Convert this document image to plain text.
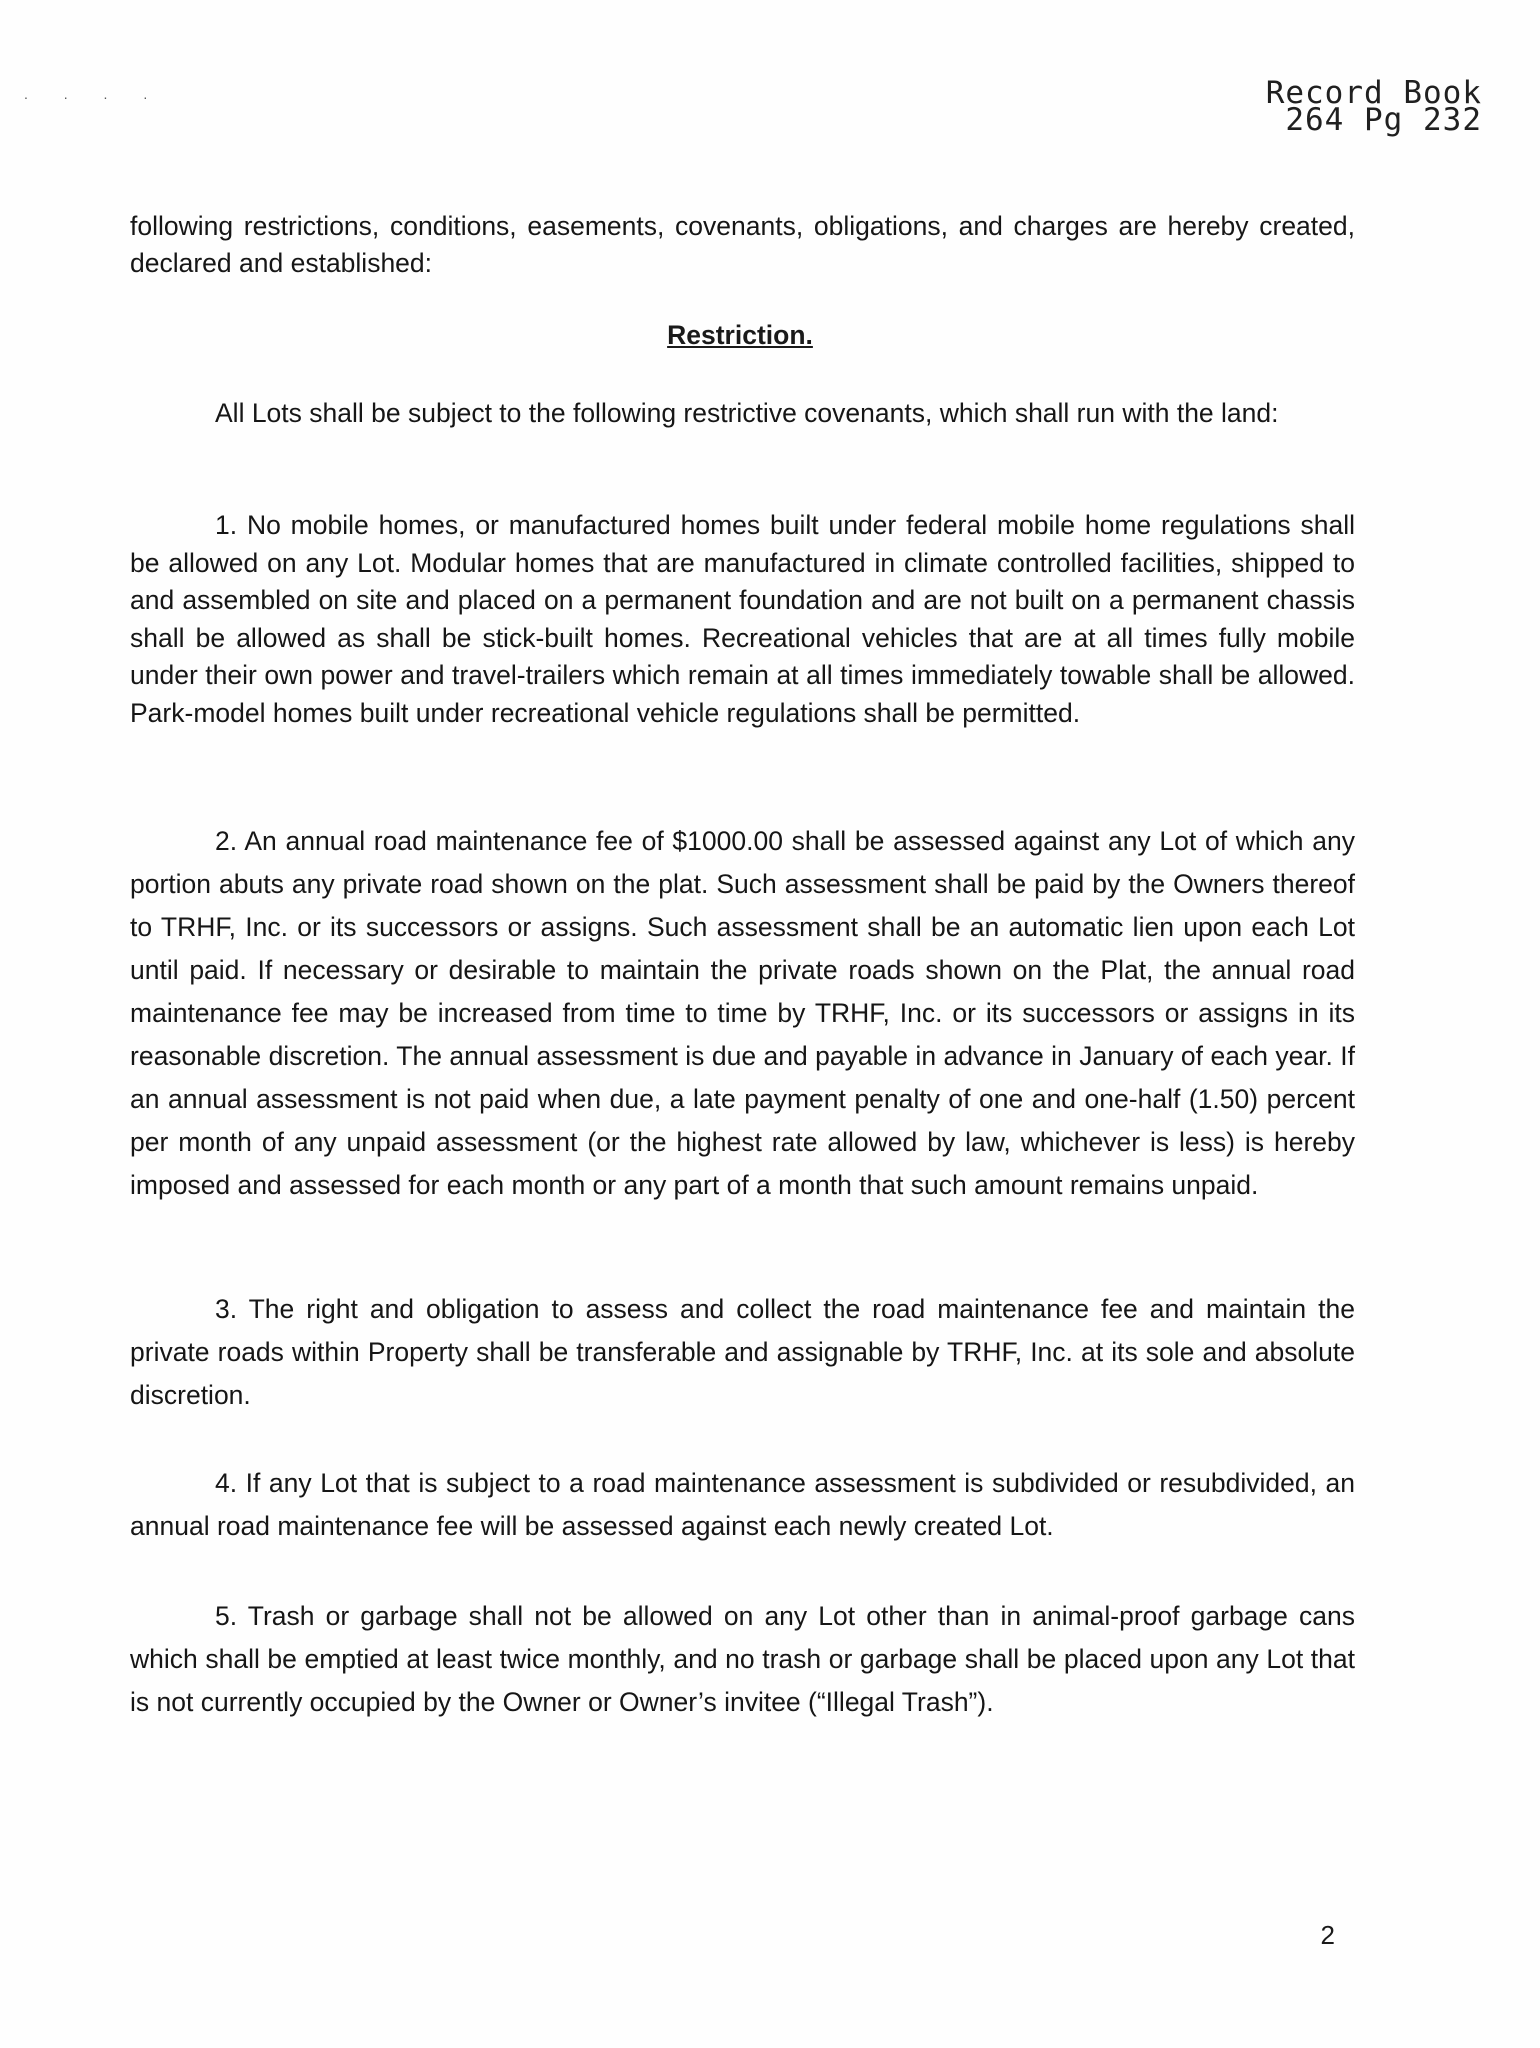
. . . .	Record Book
264 Pg 232
following restrictions, conditions, easements, covenants, obligations, and charges are hereby created, declared and established:
Restriction.
All Lots shall be subject to the following restrictive covenants, which shall run with the land:
1. No mobile homes, or manufactured homes built under federal mobile home regulations shall be allowed on any Lot. Modular homes that are manufactured in climate controlled facilities, shipped to and assembled on site and placed on a permanent foundation and are not built on a permanent chassis shall be allowed as shall be stick-built homes. Recreational vehicles that are at all times fully mobile under their own power and travel-trailers which remain at all times immediately towable shall be allowed. Park-model homes built under recreational vehicle regulations shall be permitted.
2. An annual road maintenance fee of $1000.00 shall be assessed against any Lot of which any portion abuts any private road shown on the plat. Such assessment shall be paid by the Owners thereof to TRHF, Inc. or its successors or assigns. Such assessment shall be an automatic lien upon each Lot until paid. If necessary or desirable to maintain the private roads shown on the Plat, the annual road maintenance fee may be increased from time to time by TRHF, Inc. or its successors or assigns in its reasonable discretion. The annual assessment is due and payable in advance in January of each year. If an annual assessment is not paid when due, a late payment penalty of one and one-half (1.50) percent per month of any unpaid assessment (or the highest rate allowed by law, whichever is less) is hereby imposed and assessed for each month or any part of a month that such amount remains unpaid.
3. The right and obligation to assess and collect the road maintenance fee and maintain the private roads within Property shall be transferable and assignable by TRHF, Inc. at its sole and absolute discretion.
4. If any Lot that is subject to a road maintenance assessment is subdivided or resubdivided, an annual road maintenance fee will be assessed against each newly created Lot.
5. Trash or garbage shall not be allowed on any Lot other than in animal-proof garbage cans which shall be emptied at least twice monthly, and no trash or garbage shall be placed upon any Lot that is not currently occupied by the Owner or Owner’s invitee (“Illegal Trash”).
2
